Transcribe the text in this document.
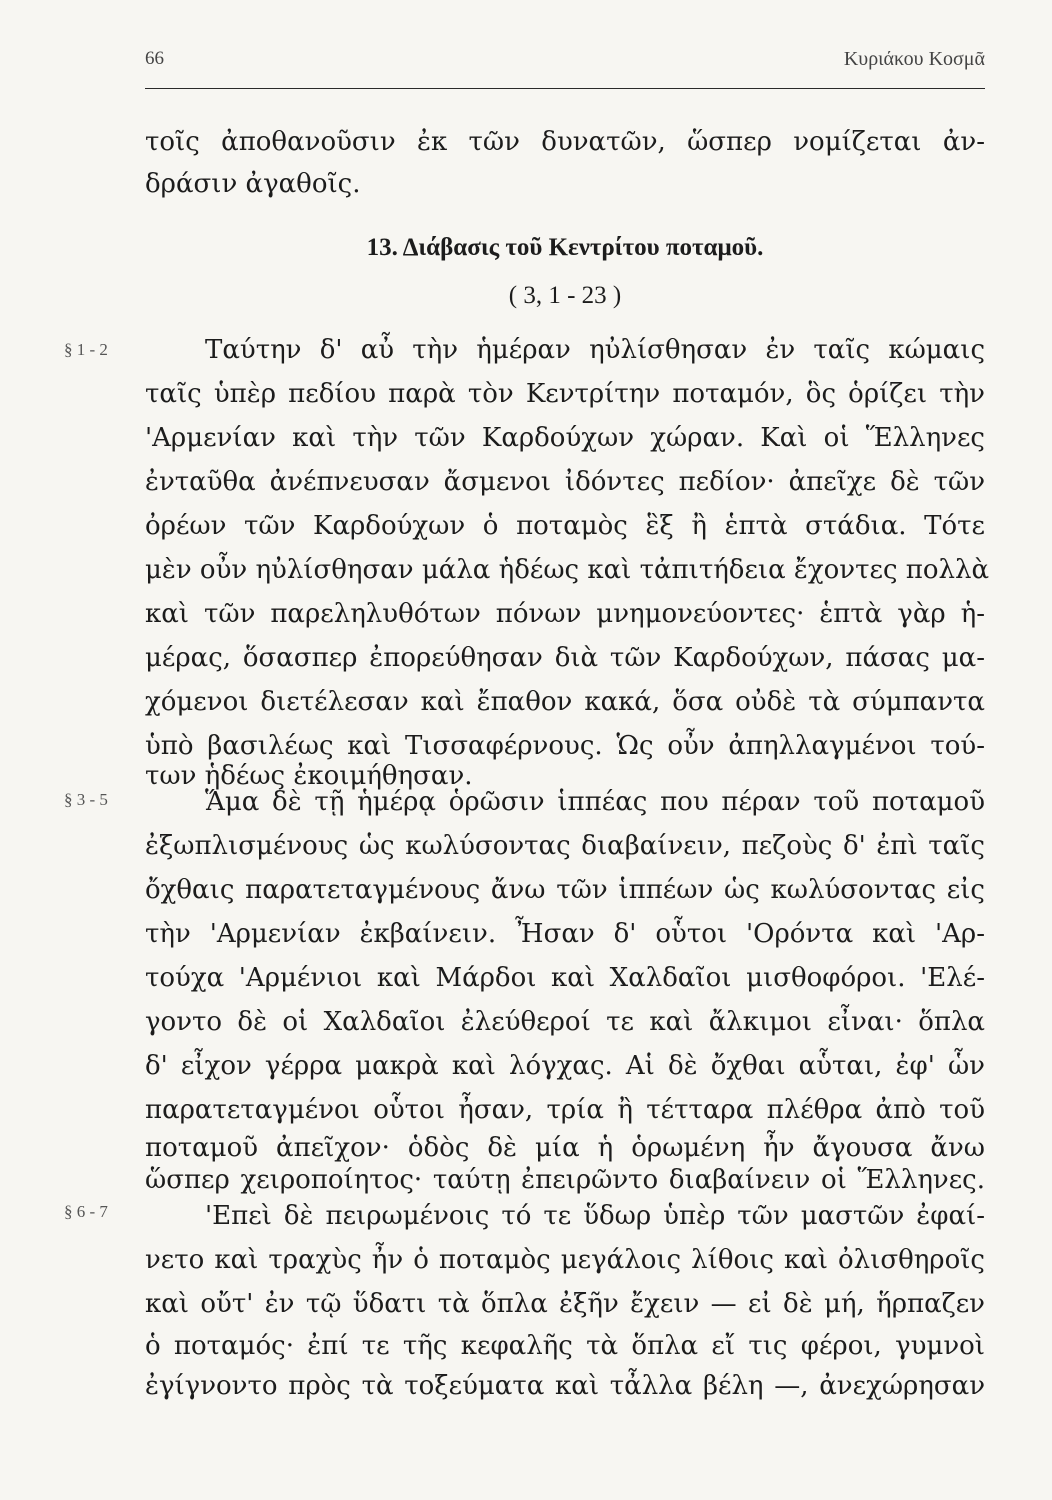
66	Κυριάκου Κοσμᾶ
13. Διάβασις τοῦ Κεντρίτου ποταμοῦ.
( 3, 1 - 23 )
§ 1 - 2
§ 3 - 5
§ 6 - 7
τοῖς ἀποθανοῦσιν ἐκ τῶν δυνατῶν, ὥσπερ νομίζεται ἀν-
δράσιν ἀγαθοῖς.
Ταύτην δ' αὖ τὴν ἡμέραν ηὐλίσθησαν ἐν ταῖς κώμαις
ταῖς ὑπὲρ πεδίου παρὰ τὸν Κεντρίτην ποταμόν, ὃς ὁρίζει τὴν
'Αρμενίαν καὶ τὴν τῶν Καρδούχων χώραν. Καὶ οἱ Ἕλληνες
ἐνταῦθα ἀνέπνευσαν ἄσμενοι ἰδόντες πεδίον· ἀπεῖχε δὲ τῶν
ὀρέων τῶν Καρδούχων ὁ ποταμὸς ἓξ ἢ ἑπτὰ στάδια. Τότε
μὲν οὖν ηὐλίσθησαν μάλα ἡδέως καὶ τἀπιτήδεια ἔχοντες πολλὰ
καὶ τῶν παρεληλυθότων πόνων μνημονεύοντες· ἑπτὰ γὰρ ἡ-
μέρας, ὅσασπερ ἐπορεύθησαν διὰ τῶν Καρδούχων, πάσας μα-
χόμενοι διετέλεσαν καὶ ἔπαθον κακά, ὅσα οὐδὲ τὰ σύμπαντα
ὑπὸ βασιλέως καὶ Τισσαφέρνους. Ὡς οὖν ἀπηλλαγμένοι τού-
των ἡδέως ἐκοιμήθησαν.
Ἅμα δὲ τῇ ἡμέρᾳ ὁρῶσιν ἱππέας που πέραν τοῦ ποταμοῦ
ἐξωπλισμένους ὡς κωλύσοντας διαβαίνειν, πεζοὺς δ' ἐπὶ ταῖς
ὄχθαις παρατεταγμένους ἄνω τῶν ἱππέων ὡς κωλύσοντας εἰς
τὴν 'Αρμενίαν ἐκβαίνειν. Ἦσαν δ' οὗτοι 'Ορόντα καὶ 'Αρ-
τούχα 'Αρμένιοι καὶ Μάρδοι καὶ Χαλδαῖοι μισθοφόροι. 'Ελέ-
γοντο δὲ οἱ Χαλδαῖοι ἐλεύθεροί τε καὶ ἄλκιμοι εἶναι· ὅπλα
δ' εἶχον γέρρα μακρὰ καὶ λόγχας. Αἱ δὲ ὄχθαι αὗται, ἐφ' ὧν
παρατεταγμένοι οὗτοι ἦσαν, τρία ἢ τέτταρα πλέθρα ἀπὸ τοῦ
ποταμοῦ ἀπεῖχον· ὁδὸς δὲ μία ἡ ὁρωμένη ἦν ἄγουσα ἄνω
ὥσπερ χειροποίητος· ταύτῃ ἐπειρῶντο διαβαίνειν οἱ Ἕλληνες.
'Επεὶ δὲ πειρωμένοις τό τε ὕδωρ ὑπὲρ τῶν μαστῶν ἐφαί-
νετο καὶ τραχὺς ἦν ὁ ποταμὸς μεγάλοις λίθοις καὶ ὀλισθηροῖς
καὶ οὔτ' ἐν τῷ ὕδατι τὰ ὅπλα ἐξῆν ἔχειν — εἰ δὲ μή, ἥρπαζεν
ὁ ποταμός· ἐπί τε τῆς κεφαλῆς τὰ ὅπλα εἴ τις φέροι, γυμνοὶ
ἐγίγνοντο πρὸς τὰ τοξεύματα καὶ τἆλλα βέλη —, ἀνεχώρησαν
